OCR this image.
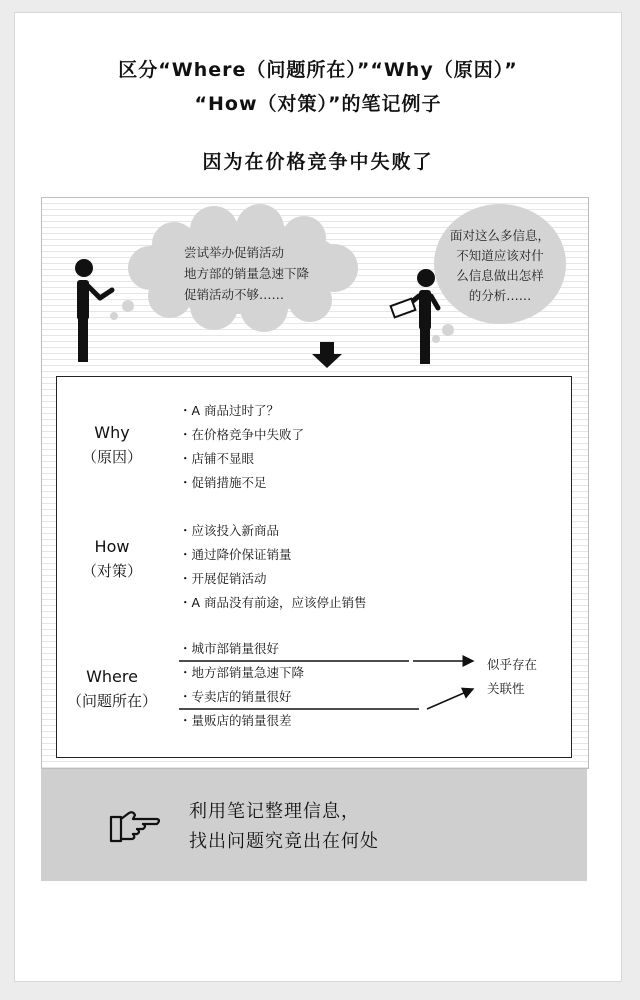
区分“Where（问题所在）”“Why（原因）”
“How（对策）”的笔记例子
因为在价格竞争中失败了
尝试举办促销活动
地方部的销量急速下降
促销活动不够……
面对这么多信息，
不知道应该对什
么信息做出怎样
的分析……
Why
（原因）
・A 商品过时了？
・在价格竞争中失败了
・店铺不显眼
・促销措施不足
How
（对策）
・应该投入新商品
・通过降价保证销量
・开展促销活动
・A 商品没有前途，应该停止销售
Where
（问题所在）
・城市部销量很好
・地方部销量急速下降
・专卖店的销量很好
・量贩店的销量很差
似乎存在
关联性
利用笔记整理信息，
找出问题究竟出在何处
